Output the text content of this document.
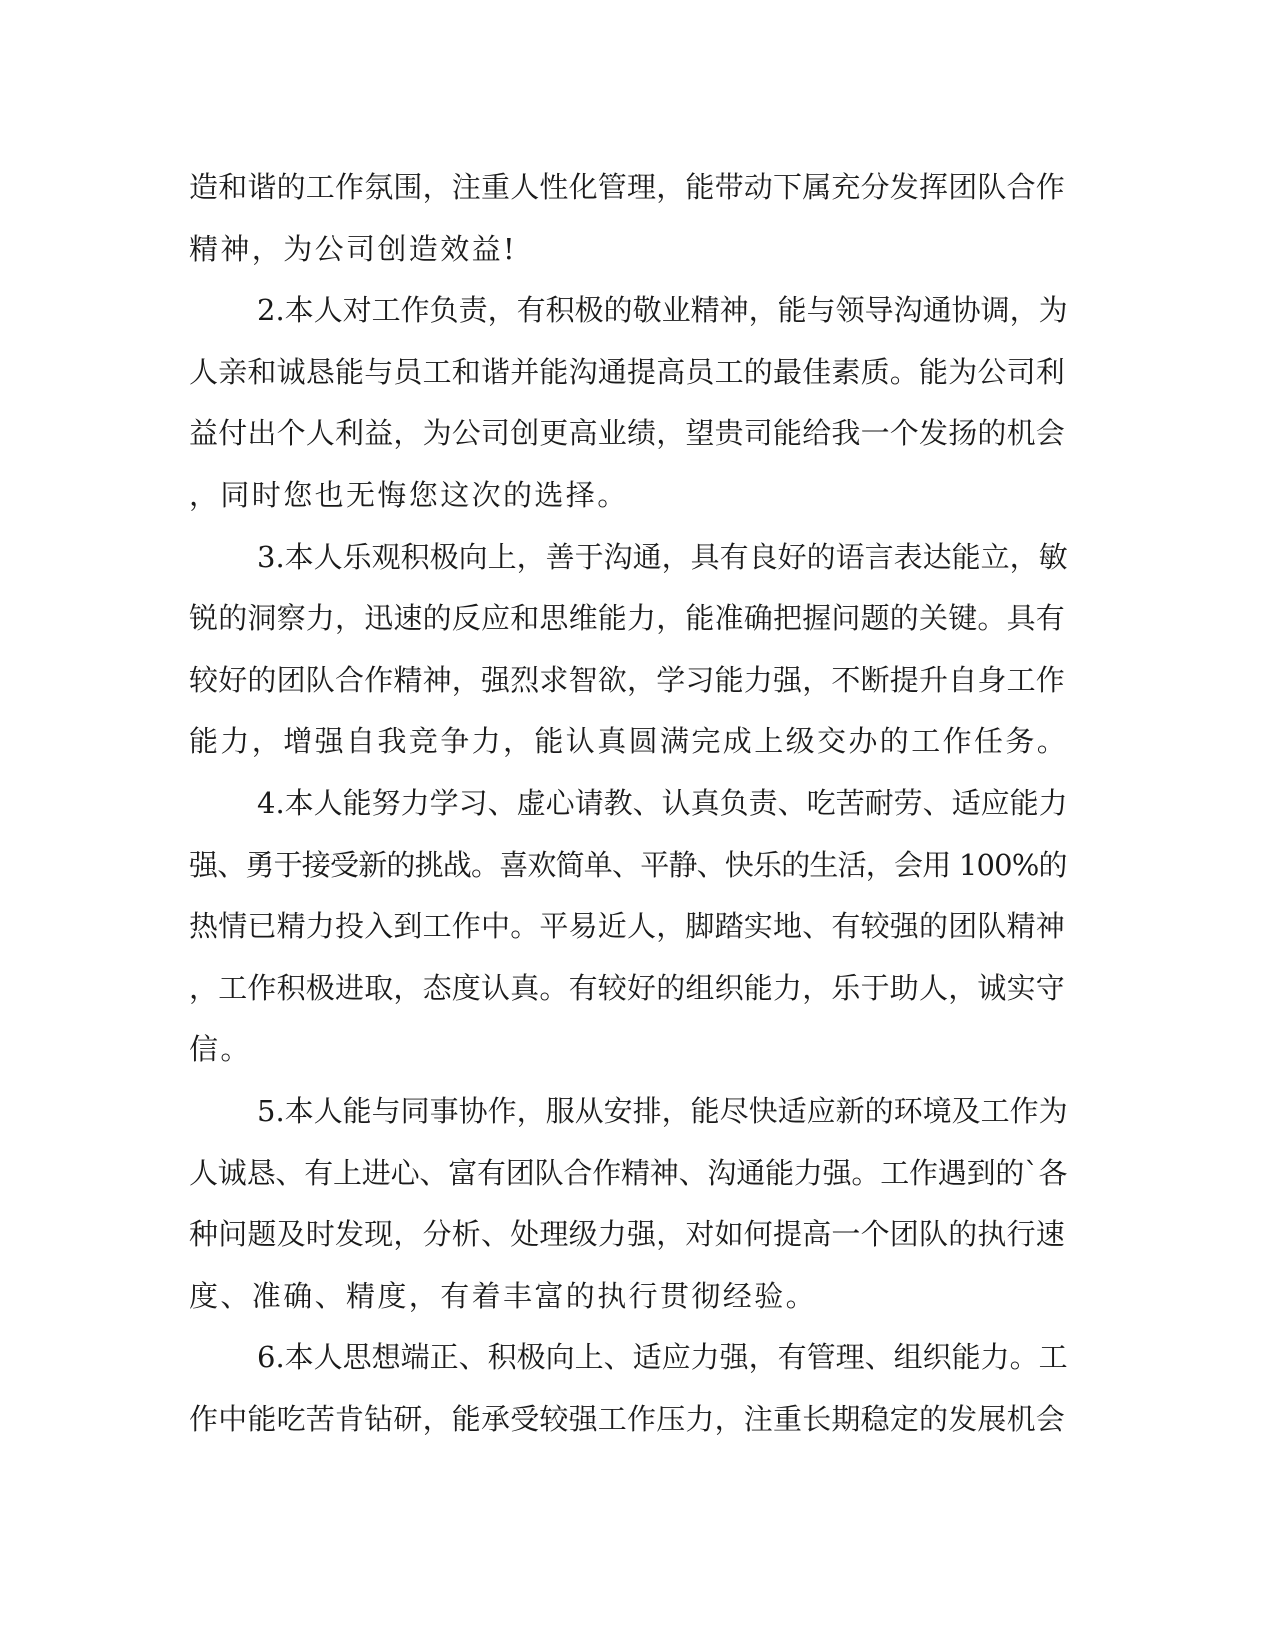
造和谐的工作氛围，注重人性化管理，能带动下属充分发挥团队合作
精神，为公司创造效益!
2.本人对工作负责，有积极的敬业精神，能与领导沟通协调，为
人亲和诚恳能与员工和谐并能沟通提高员工的最佳素质。能为公司利
益付出个人利益，为公司创更高业绩，望贵司能给我一个发扬的机会
，同时您也无悔您这次的选择。
3.本人乐观积极向上，善于沟通，具有良好的语言表达能立，敏
锐的洞察力，迅速的反应和思维能力，能准确把握问题的关键。具有
较好的团队合作精神，强烈求智欲，学习能力强，不断提升自身工作
能力，增强自我竞争力，能认真圆满完成上级交办的工作任务。
4.本人能努力学习、虚心请教、认真负责、吃苦耐劳、适应能力
强、勇于接受新的挑战。喜欢简单、平静、快乐的生活，会用 100%的
热情已精力投入到工作中。平易近人，脚踏实地、有较强的团队精神
，工作积极进取，态度认真。有较好的组织能力，乐于助人，诚实守
信。
5.本人能与同事协作，服从安排，能尽快适应新的环境及工作为
人诚恳、有上进心、富有团队合作精神、沟通能力强。工作遇到的`各
种问题及时发现，分析、处理级力强，对如何提高一个团队的执行速
度、准确、精度，有着丰富的执行贯彻经验。
6.本人思想端正、积极向上、适应力强，有管理、组织能力。工
作中能吃苦肯钻研，能承受较强工作压力，注重长期稳定的发展机会
